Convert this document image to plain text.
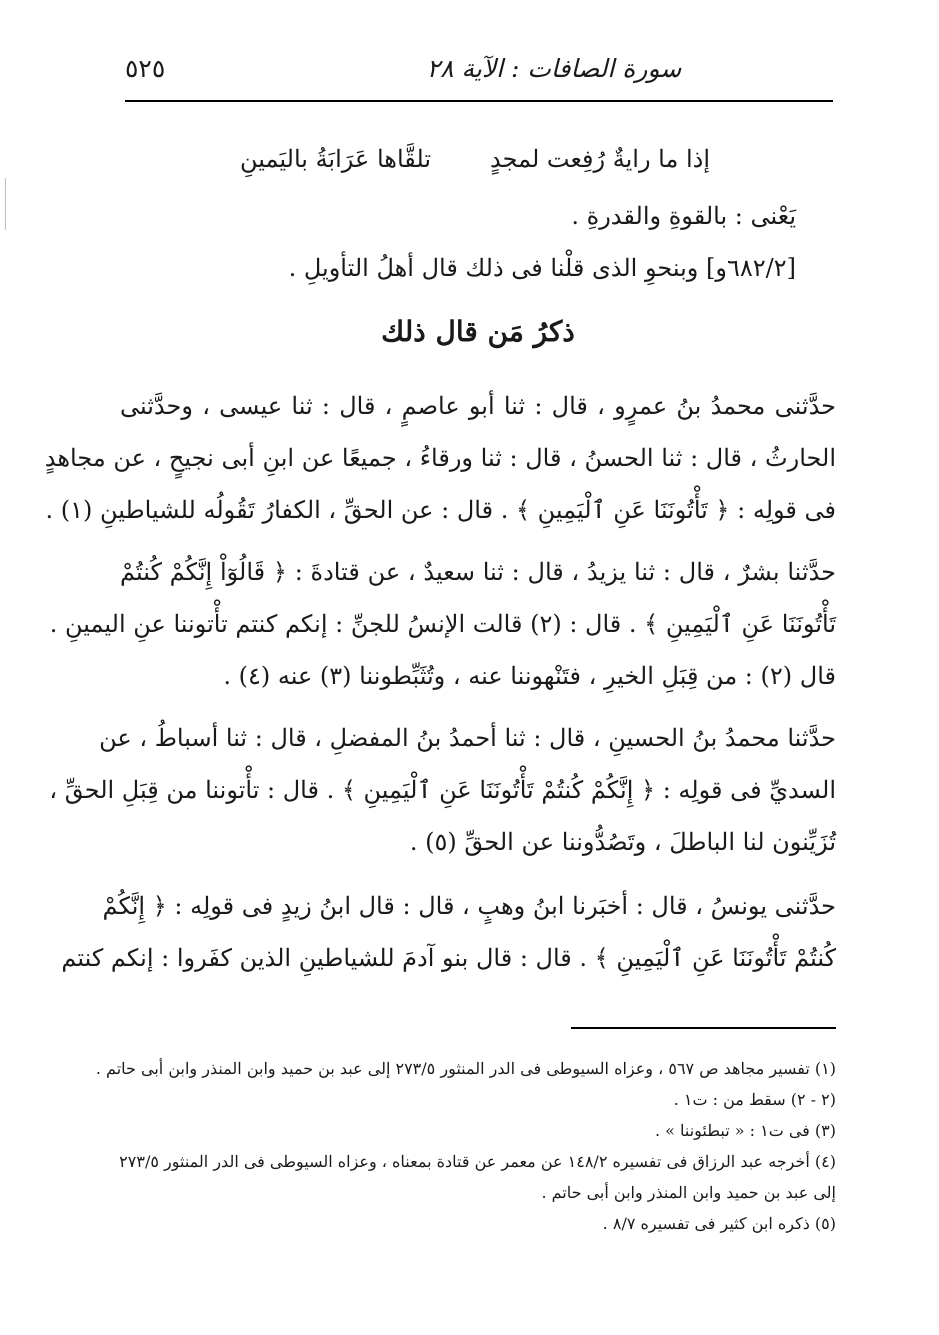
٥٢٥	سورة الصافات : الآية ٢٨
إذا ما رايةٌ رُفِعت لمجدٍ
تلقَّاها عَرَابَةُ باليَمينِ
يَعْنى : بالقوةِ والقدرةِ .
[٦٨٢/٢و] وبنحوِ الذى قلْنا فى ذلك قال أهلُ التأويلِ .
ذكرُ مَن قال ذلك
حدَّثنى محمدُ بنُ عمرٍو ، قال : ثنا أبو عاصمٍ ، قال : ثنا عيسى ، وحدَّثنى
الحارثُ ، قال : ثنا الحسنُ ، قال : ثنا ورقاءُ ، جميعًا عن ابنِ أبى نجيحٍ ، عن مجاهدٍ
فى قولِه : ﴿ تَأْتُونَنَا عَنِ ٱلْيَمِينِ ﴾ . قال : عن الحقِّ ، الكفارُ تَقُولُه للشياطينِ (١) .
حدَّثنا بشرٌ ، قال : ثنا يزيدُ ، قال : ثنا سعيدٌ ، عن قتادةَ : ﴿ قَالُوٓاْ إِنَّكُمْ كُنتُمْ
تَأْتُونَنَا عَنِ ٱلْيَمِينِ ﴾ . قال : (٢) قالت الإنسُ للجنِّ : إنكم كنتم تأْتوننا عنِ اليمينِ .
قال (٢) : من قِبَلِ الخيرِ ، فتَنْهوننا عنه ، وتُثَبِّطوننا (٣) عنه (٤) .
حدَّثنا محمدُ بنُ الحسينِ ، قال : ثنا أحمدُ بنُ المفضلِ ، قال : ثنا أسباطُ ، عن
السديِّ فى قولِه : ﴿ إِنَّكُمْ كُنتُمْ تَأْتُونَنَا عَنِ ٱلْيَمِينِ ﴾ . قال : تأْتوننا من قِبَلِ الحقِّ ،
تُزَيِّنون لنا الباطلَ ، وتَصُدُّوننا عن الحقِّ (٥) .
حدَّثنى يونسُ ، قال : أخبَرنا ابنُ وهبٍ ، قال : قال ابنُ زيدٍ فى قولِه : ﴿ إِنَّكُمْ
كُنتُمْ تَأْتُونَنَا عَنِ ٱلْيَمِينِ ﴾ . قال : قال بنو آدمَ للشياطينِ الذين كفَروا : إنكم كنتم
(١) تفسير مجاهد ص ٥٦٧ ، وعزاه السيوطى فى الدر المنثور ٢٧٣/٥ إلى عبد بن حميد وابن المنذر وابن أبى حاتم .
(٢ - ٢) سقط من : ت١ .
(٣) فى ت١ : « تبطئوننا » .
(٤) أخرجه عبد الرزاق فى تفسيره ١٤٨/٢ عن معمر عن قتادة بمعناه ، وعزاه السيوطى فى الدر المنثور ٢٧٣/٥
إلى عبد بن حميد وابن المنذر وابن أبى حاتم .
(٥) ذكره ابن كثير فى تفسيره ٨/٧ .
